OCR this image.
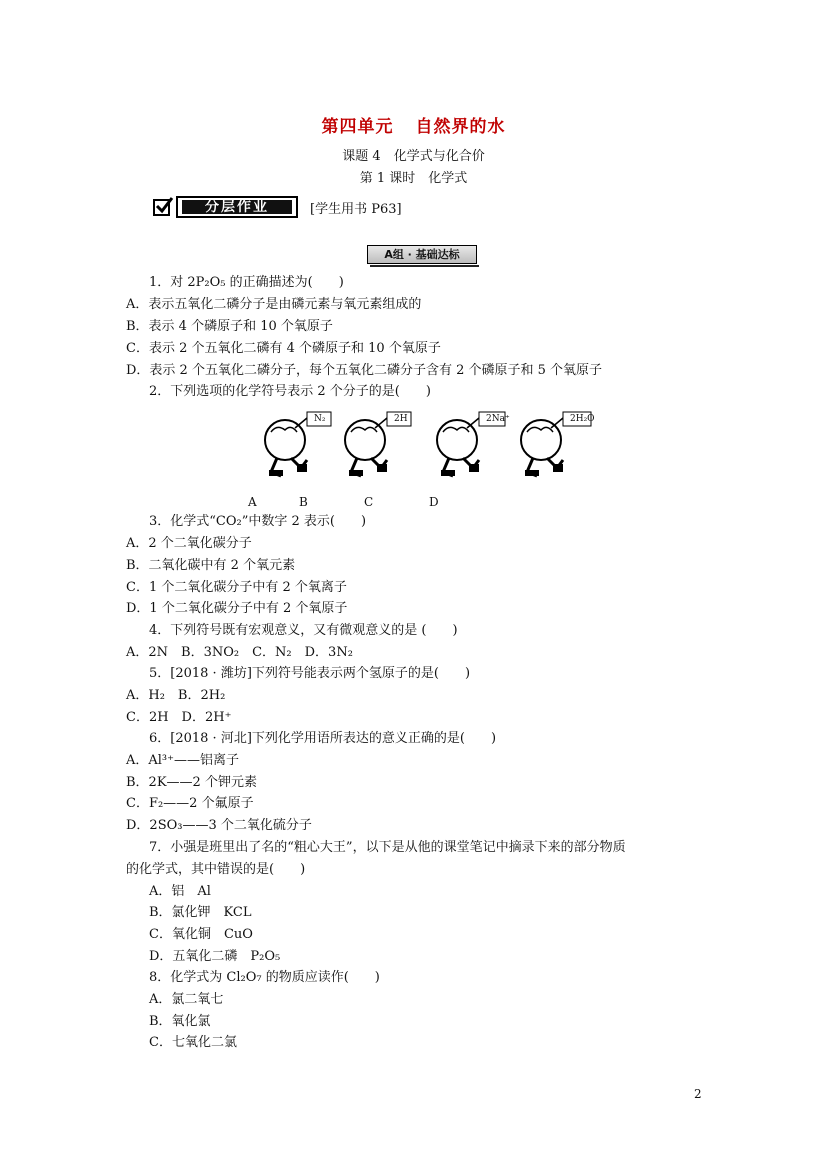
第四单元 自然界的水
课题 4　化学式与化合价
第 1 课时　化学式
分层作业	[学生用书 P63]
A组 · 基础达标
1．对 2P₂O₅ 的正确描述为(　　)
A．表示五氧化二磷分子是由磷元素与氧元素组成的
B．表示 4 个磷原子和 10 个氧原子
C．表示 2 个五氧化二磷有 4 个磷原子和 10 个氧原子
D．表示 2 个五氧化二磷分子，每个五氧化二磷分子含有 2 个磷原子和 5 个氧原子
2．下列选项的化学符号表示 2 个分子的是(　　)
N₂	2H	2Na⁺	2H₂O
A	B	C	D
3．化学式“CO₂”中数字 2 表示(　　)
A．2 个二氧化碳分子
B．二氧化碳中有 2 个氧元素
C．1 个二氧化碳分子中有 2 个氧离子
D．1 个二氧化碳分子中有 2 个氧原子
4．下列符号既有宏观意义，又有微观意义的是 (　　)
A．2N　B．3NO₂　C．N₂　D．3N₂
5．[2018 · 潍坊]下列符号能表示两个氢原子的是(　　)
A．H₂　B．2H₂
C．2H　D．2H⁺
6．[2018 · 河北]下列化学用语所表达的意义正确的是(　　)
A．Al³⁺——铝离子
B．2K——2 个钾元素
C．F₂——2 个氟原子
D．2SO₃——3 个二氧化硫分子
7．小强是班里出了名的“粗心大王”，以下是从他的课堂笔记中摘录下来的部分物质
的化学式，其中错误的是(　　)
A．铝　Al
B．氯化钾　KCL
C．氧化铜　CuO
D．五氧化二磷　P₂O₅
8．化学式为 Cl₂O₇ 的物质应读作(　　)
A．氯二氧七
B．氧化氯
C．七氧化二氯
2
